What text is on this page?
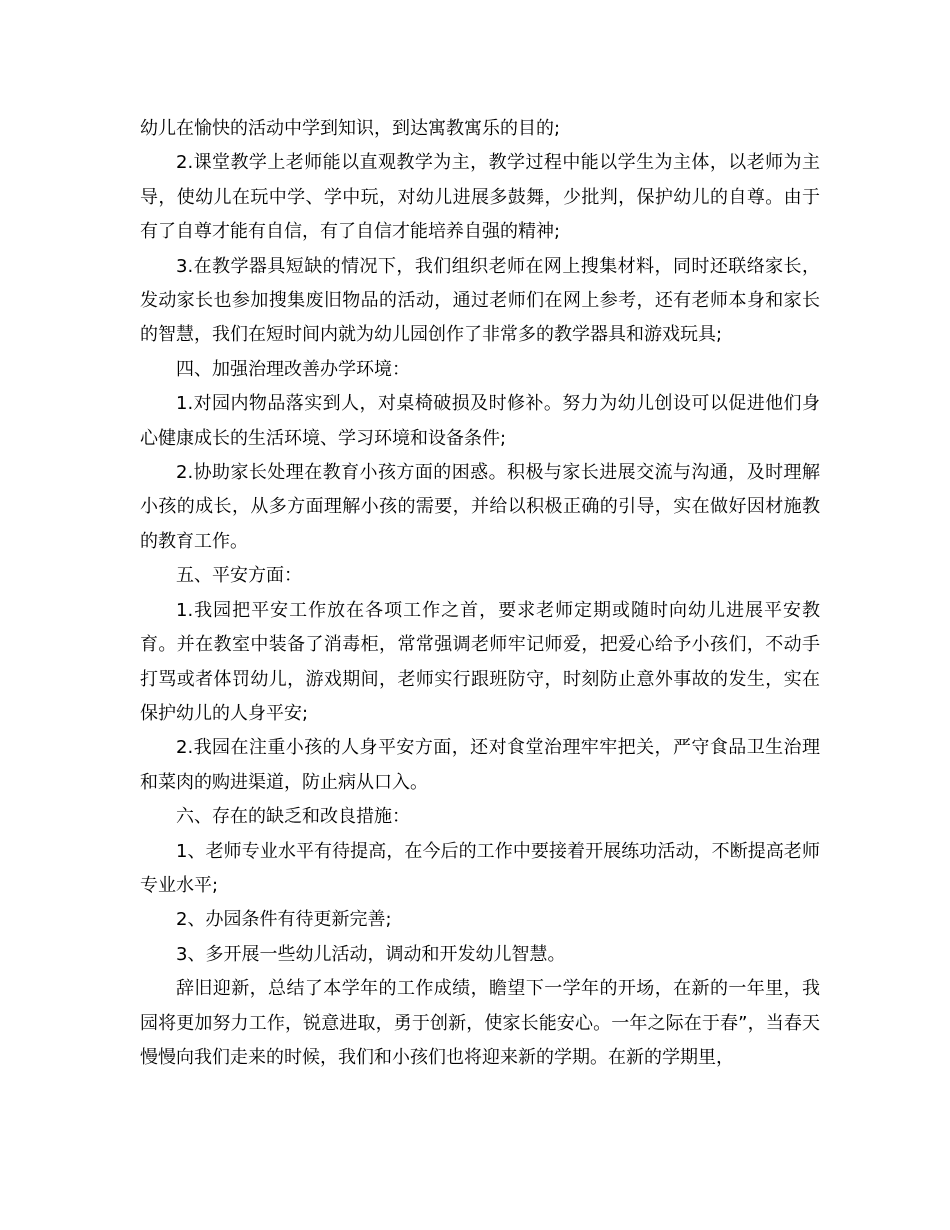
幼儿在愉快的活动中学到知识，到达寓教寓乐的目的;

2.课堂教学上老师能以直观教学为主，教学过程中能以学生为主体，以老师为主导，使幼儿在玩中学、学中玩，对幼儿进展多鼓舞，少批判，保护幼儿的自尊。由于有了自尊才能有自信，有了自信才能培养自强的精神;

3.在教学器具短缺的情况下，我们组织老师在网上搜集材料，同时还联络家长，发动家长也参加搜集废旧物品的活动，通过老师们在网上参考，还有老师本身和家长的智慧，我们在短时间内就为幼儿园创作了非常多的教学器具和游戏玩具;

四、加强治理改善办学环境：

1.对园内物品落实到人，对桌椅破损及时修补。努力为幼儿创设可以促进他们身心健康成长的生活环境、学习环境和设备条件;

2.协助家长处理在教育小孩方面的困惑。积极与家长进展交流与沟通，及时理解小孩的成长，从多方面理解小孩的需要，并给以积极正确的引导，实在做好因材施教的教育工作。

五、平安方面：

1.我园把平安工作放在各项工作之首，要求老师定期或随时向幼儿进展平安教育。并在教室中装备了消毒柜，常常强调老师牢记师爱，把爱心给予小孩们，不动手打骂或者体罚幼儿，游戏期间，老师实行跟班防守，时刻防止意外事故的发生，实在保护幼儿的人身平安;

2.我园在注重小孩的人身平安方面，还对食堂治理牢牢把关，严守食品卫生治理和菜肉的购进渠道，防止病从口入。

六、存在的缺乏和改良措施：

1、老师专业水平有待提高，在今后的工作中要接着开展练功活动，不断提高老师专业水平;

2、办园条件有待更新完善;

3、多开展一些幼儿活动，调动和开发幼儿智慧。

辞旧迎新，总结了本学年的工作成绩，瞻望下一学年的开场，在新的一年里，我园将更加努力工作，锐意进取，勇于创新，使家长能安心。一年之际在于春”，当春天慢慢向我们走来的时候，我们和小孩们也将迎来新的学期。在新的学期里，
